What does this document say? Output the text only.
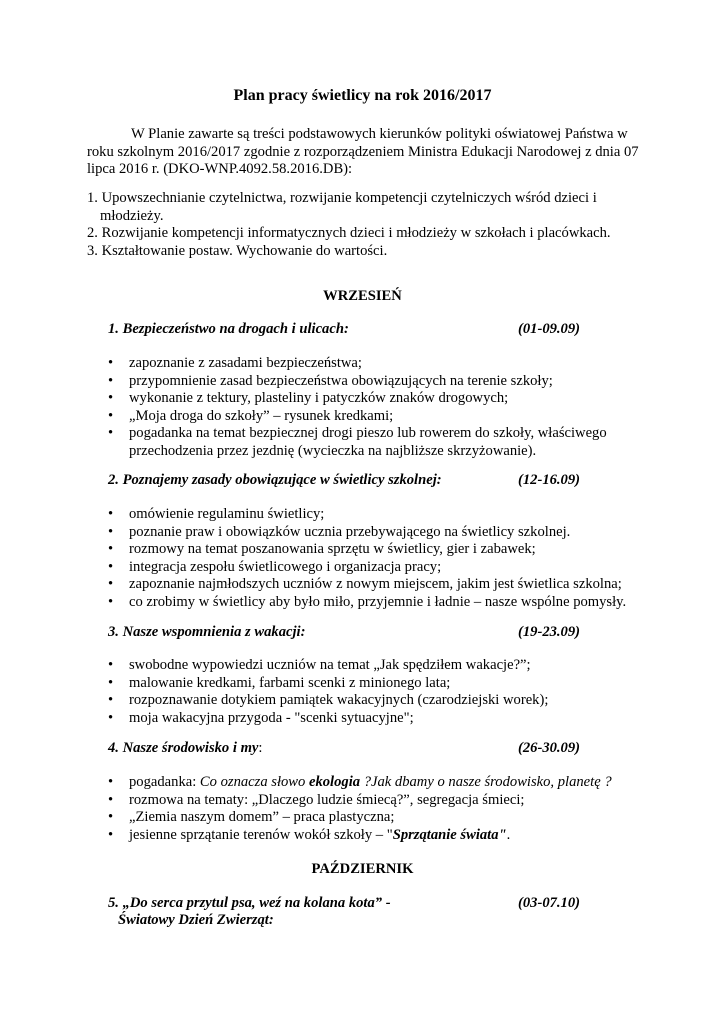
Plan pracy świetlicy na rok 2016/2017

W Planie zawarte są treści podstawowych kierunków polityki oświatowej Państwa w roku szkolnym 2016/2017 zgodnie z rozporządzeniem Ministra Edukacji Narodowej z dnia 07 lipca 2016 r. (DKO-WNP.4092.58.2016.DB):

1. Upowszechnianie czytelnictwa, rozwijanie kompetencji czytelniczych wśród dzieci i młodzieży.
2. Rozwijanie kompetencji informatycznych dzieci i młodzieży w szkołach i placówkach.
3. Kształtowanie postaw. Wychowanie do wartości.
WRZESIEŃ
1. Bezpieczeństwo na drogach i ulicach:	(01-09.09)
• zapoznanie z zasadami bezpieczeństwa;
• przypomnienie zasad bezpieczeństwa obowiązujących na terenie szkoły;
• wykonanie z tektury, plasteliny i patyczków znaków drogowych;
• „Moja droga do szkoły” – rysunek kredkami;
• pogadanka na temat bezpiecznej drogi pieszo lub rowerem do szkoły, właściwego
przechodzenia przez jezdnię (wycieczka na najbliższe skrzyżowanie).
2. Poznajemy zasady obowiązujące w świetlicy szkolnej:	(12-16.09)
• omówienie regulaminu świetlicy;
• poznanie praw i obowiązków ucznia przebywającego na świetlicy szkolnej.
• rozmowy na temat poszanowania sprzętu w świetlicy, gier i zabawek;
• integracja zespołu świetlicowego i organizacja pracy;
• zapoznanie najmłodszych uczniów z nowym miejscem, jakim jest świetlica szkolna;
• co zrobimy w świetlicy aby było miło, przyjemnie i ładnie – nasze wspólne pomysły.
3. Nasze wspomnienia z wakacji:	(19-23.09)
• swobodne wypowiedzi uczniów na temat „Jak spędziłem wakacje?”;
• malowanie kredkami, farbami scenki z minionego lata;
• rozpoznawanie dotykiem pamiątek wakacyjnych (czarodziejski worek);
• moja wakacyjna przygoda - "scenki sytuacyjne";
4. Nasze środowisko i my:	(26-30.09)
• pogadanka: Co oznacza słowo ekologia ?Jak dbamy o nasze środowisko, planetę ?
• rozmowa na tematy: „Dlaczego ludzie śmiecą?”, segregacja śmieci;
• „Ziemia naszym domem” – praca plastyczna;
• jesienne sprzątanie terenów wokół szkoły – "Sprzątanie świata".
PAŹDZIERNIK
5. „Do serca przytul psa, weź na kolana kota” -	(03-07.10)
Światowy Dzień Zwierząt:
